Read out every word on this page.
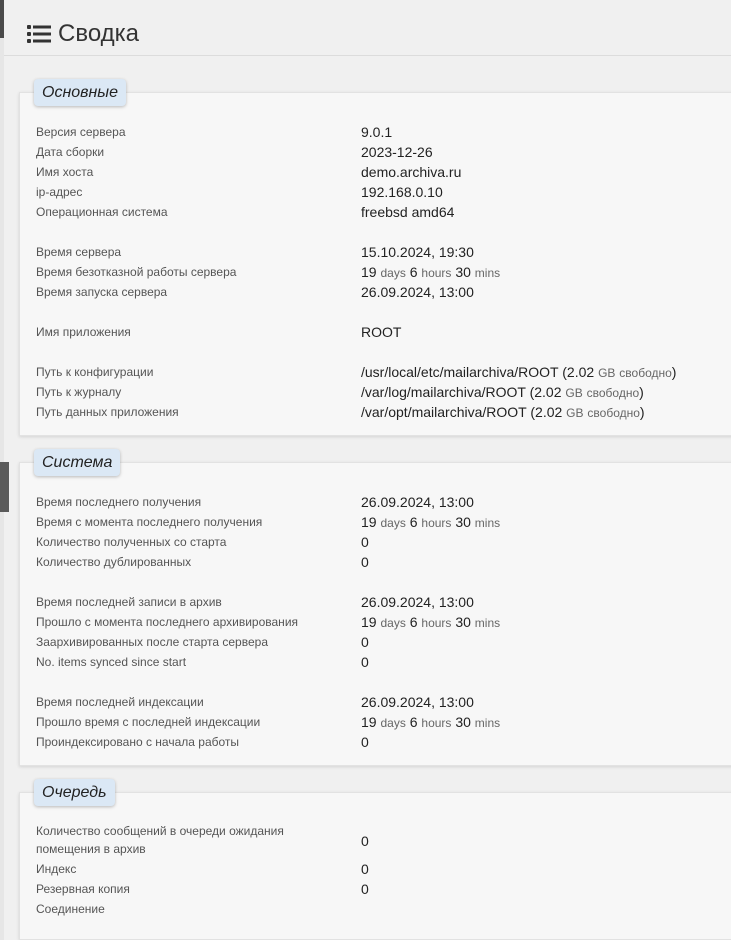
Сводка
Основные
Версия сервера	9.0.1
Дата сборки	2023-12-26
Имя хоста	demo.archiva.ru
ip-адрес	192.168.0.10
Операционная система	freebsd amd64
Время сервера	15.10.2024, 19:30
Время безотказной работы сервера	19 days 6 hours 30 mins
Время запуска сервера	26.09.2024, 13:00
Имя приложения	ROOT
Путь к конфигурации	/usr/local/etc/mailarchiva/ROOT (2.02 GB свободно)
Путь к журналу	/var/log/mailarchiva/ROOT (2.02 GB свободно)
Путь данных приложения	/var/opt/mailarchiva/ROOT (2.02 GB свободно)
Система
Время последнего получения	26.09.2024, 13:00
Время с момента последнего получения	19 days 6 hours 30 mins
Количество полученных со старта	0
Количество дублированных	0
Время последней записи в архив	26.09.2024, 13:00
Прошло с момента последнего архивирования	19 days 6 hours 30 mins
Заархивированных после старта сервера	0
No. items synced since start	0
Время последней индексации	26.09.2024, 13:00
Прошло время с последней индексации	19 days 6 hours 30 mins
Проиндексировано с начала работы	0
Очередь
Количество сообщений в очереди ожидания помещения в архив	0
Индекс	0
Резервная копия	0
Соединение
